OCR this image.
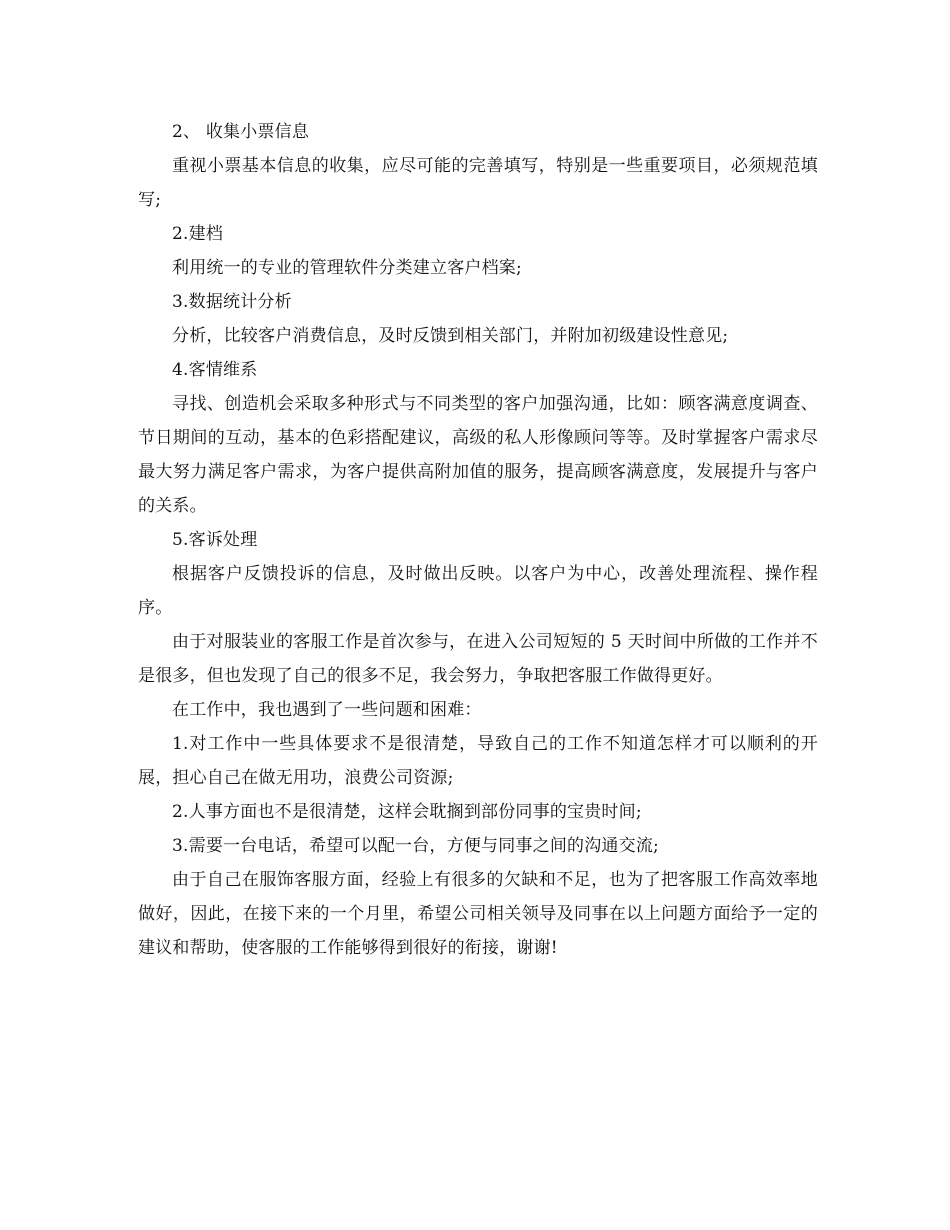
2、 收集小票信息

重视小票基本信息的收集，应尽可能的完善填写，特别是一些重要项目，必须规范填写;

2.建档

利用统一的专业的管理软件分类建立客户档案;

3.数据统计分析

分析，比较客户消费信息，及时反馈到相关部门，并附加初级建设性意见;

4.客情维系

寻找、创造机会采取多种形式与不同类型的客户加强沟通，比如：顾客满意度调查、节日期间的互动，基本的色彩搭配建议，高级的私人形像顾问等等。及时掌握客户需求尽最大努力满足客户需求，为客户提供高附加值的服务，提高顾客满意度，发展提升与客户的关系。

5.客诉处理

根据客户反馈投诉的信息，及时做出反映。以客户为中心，改善处理流程、操作程序。

由于对服装业的客服工作是首次参与，在进入公司短短的 5 天时间中所做的工作并不是很多，但也发现了自己的很多不足，我会努力，争取把客服工作做得更好。

在工作中，我也遇到了一些问题和困难：

1.对工作中一些具体要求不是很清楚，导致自己的工作不知道怎样才可以顺利的开展，担心自己在做无用功，浪费公司资源;

2.人事方面也不是很清楚，这样会耽搁到部份同事的宝贵时间;

3.需要一台电话，希望可以配一台，方便与同事之间的沟通交流;

由于自己在服饰客服方面，经验上有很多的欠缺和不足，也为了把客服工作高效率地做好，因此，在接下来的一个月里，希望公司相关领导及同事在以上问题方面给予一定的建议和帮助，使客服的工作能够得到很好的衔接，谢谢!
